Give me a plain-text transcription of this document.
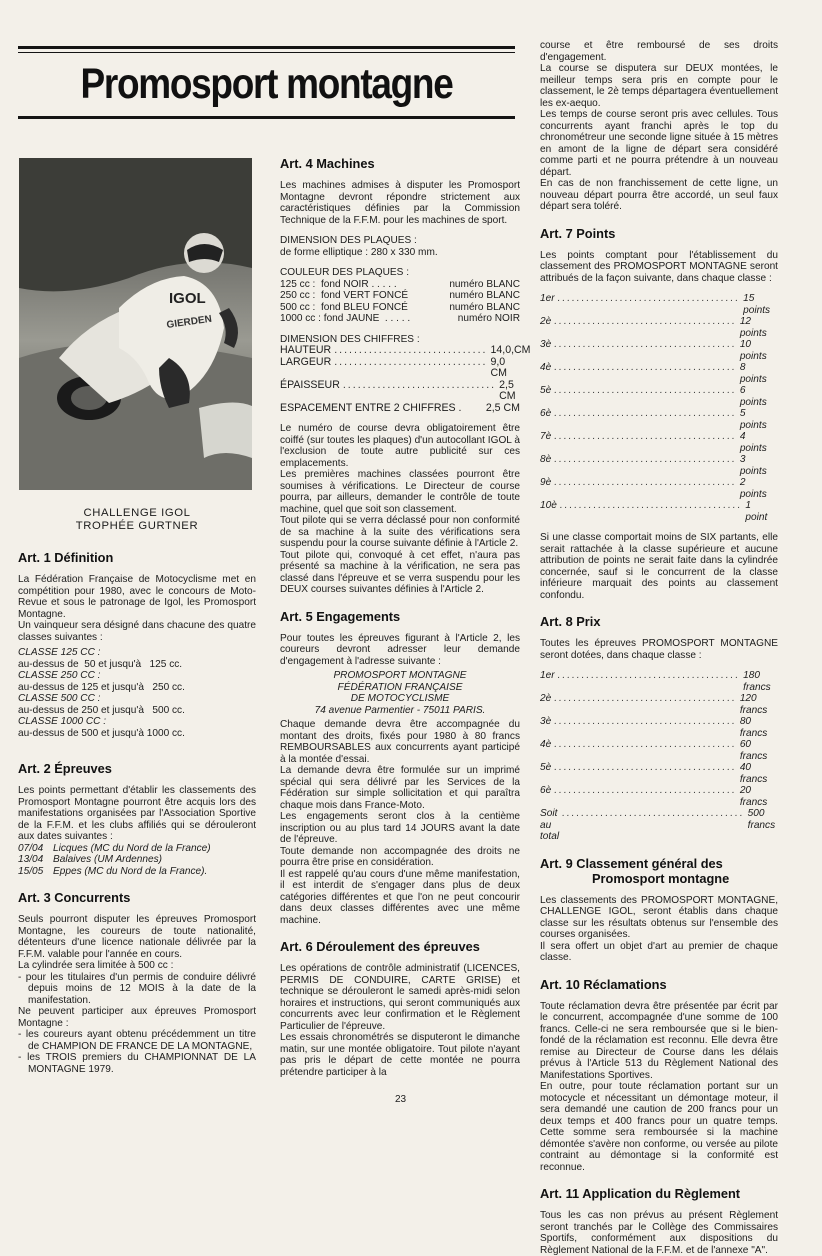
Promosport montagne
IGOL
GIERDEN
CHALLENGE IGOL
TROPHÉE GURTNER
Art. 1 Définition

La Fédération Française de Motocyclisme met en compétition pour 1980, avec le concours de Moto-Revue et sous le patronage de Igol, les Promosport Montagne.

Un vainqueur sera désigné dans chacune des quatre classes suivantes :

CLASSE 125 CC :
au-dessus de  50 et jusqu'à   125 cc.
CLASSE 250 CC :
au-dessus de 125 et jusqu'à   250 cc.
CLASSE 500 CC :
au-dessus de 250 et jusqu'à   500 cc.
CLASSE 1000 CC :
au-dessus de 500 et jusqu'à 1000 cc.
Art. 2 Épreuves

Les points permettant d'établir les classements des Promosport Montagne pourront être acquis lors des manifestations organisées par l'Association Sportive de la F.F.M. et les clubs affiliés qui se dérouleront aux dates suivantes :

07/04 Licques (MC du Nord de la France)
13/04 Balaives (UM Ardennes)
15/05 Eppes (MC du Nord de la France).
Art. 3 Concurrents

Seuls pourront disputer les épreuves Promosport Montagne, les coureurs de toute nationalité, détenteurs d'une licence nationale délivrée par la F.F.M. valable pour l'année en cours.

La cylindrée sera limitée à 500 cc :

- pour les titulaires d'un permis de conduire délivré depuis moins de 12 MOIS à la date de la manifestation.

Ne peuvent participer aux épreuves Promosport Montagne :

- les coureurs ayant obtenu précédemment un titre de CHAMPION DE FRANCE DE LA MONTAGNE,

- les TROIS premiers du CHAMPIONNAT DE LA MONTAGNE 1979.

Art. 4 Machines

Les machines admises à disputer les Promosport Montagne devront répondre strictement aux caractéristiques définies par la Commission Technique de la F.F.M. pour les machines de sport.

DIMENSION DES PLAQUES :
de forme elliptique : 280 x 330 mm.
COULEUR DES PLAQUES :
125 cc :  fond NOIR . . . . .	numéro BLANC
250 cc :  fond VERT FONCÉ	numéro BLANC
500 cc :  fond BLEU FONCÉ	numéro BLANC
1000 cc : fond JAUNE  . . . . .	numéro NOIR
DIMENSION DES CHIFFRES :
HAUTEUR ............................... 14,0,CM
LARGEUR ............................... 9,0 CM
ÉPAISSEUR ............................... 2,5 CM
ESPACEMENT ENTRE 2 CHIFFRES . 2,5 CM

Le numéro de course devra obligatoirement être coiffé (sur toutes les plaques) d'un autocollant IGOL à l'exclusion de toute autre publicité sur ces emplacements.

Les premières machines classées pourront être soumises à vérifications. Le Directeur de course pourra, par ailleurs, demander le contrôle de toute machine, quel que soit son classement.

Tout pilote qui se verra déclassé pour non conformité de sa machine à la suite des vérifications sera suspendu pour la course suivante définie à l'Article 2.

Tout pilote qui, convoqué à cet effet, n'aura pas présenté sa machine à la vérification, ne sera pas classé dans l'épreuve et se verra suspendu pour les DEUX courses suivantes définies à l'Article 2.

Art. 5 Engagements

Pour toutes les épreuves figurant à l'Article 2, les coureurs devront adresser leur demande d'engagement à l'adresse suivante :

PROMOSPORT MONTAGNE
FÉDÉRATION FRANÇAISE
DE MOTOCYCLISME
74 avenue Parmentier - 75011 PARIS.

Chaque demande devra être accompagnée du montant des droits, fixés pour 1980 à 80 francs REMBOURSABLES aux concurrents ayant participé à la montée d'essai.

La demande devra être formulée sur un imprimé spécial qui sera délivré par les Services de la Fédération sur simple sollicitation et qui paraîtra chaque mois dans France-Moto.

Les engagements seront clos à la centième inscription ou au plus tard 14 JOURS avant la date de l'épreuve.

Toute demande non accompagnée des droits ne pourra être prise en considération.

Il est rappelé qu'au cours d'une même manifestation, il est interdit de s'engager dans plus de deux catégories différentes et que l'on ne peut concourir dans deux classes différentes avec une même machine.

Art. 6 Déroulement des épreuves

Les opérations de contrôle administratif (LICENCES, PERMIS DE CONDUIRE, CARTE GRISE) et technique se dérouleront le samedi après-midi selon horaires et instructions, qui seront communiqués aux concurrents avec leur confirmation et le Règlement Particulier de l'épreuve.

Les essais chronométrés se disputeront le dimanche matin, sur une montée obligatoire. Tout pilote n'ayant pas pris le départ de cette montée ne pourra prétendre participer à la

course et être remboursé de ses droits d'engagement.

La course se disputera sur DEUX montées, le meilleur temps sera pris en compte pour le classement, le 2è temps départagera éventuellement les ex-aequo.

Les temps de course seront pris avec cellules. Tous concurrents ayant franchi après le top du chronométreur une seconde ligne située à 15 mètres en amont de la ligne de départ sera considéré comme parti et ne pourra prétendre à un nouveau départ.

En cas de non franchissement de cette ligne, un nouveau départ pourra être accordé, un seul faux départ sera toléré.

Art. 7 Points

Les points comptant pour l'établissement du classement des PROMOSPORT MONTAGNE seront attribués de la façon suivante, dans chaque classe :

1er ...................................... 15 points
2è ...................................... 12 points
3è ...................................... 10 points
4è ...................................... 8 points
5è ...................................... 6 points
6è ...................................... 5 points
7è ...................................... 4 points
8è ...................................... 3 points
9è ...................................... 2 points
10è ...................................... 1 point

Si une classe comportait moins de SIX partants, elle serait rattachée à la classe supérieure et aucune attribution de points ne serait faite dans la cylindrée concernée, sauf si le concurrent de la classe inférieure marquait des points au classement confondu.

Art. 8 Prix

Toutes les épreuves PROMOSPORT MONTAGNE seront dotées, dans chaque classe :

1er ...................................... 180 francs
2è ...................................... 120 francs
3è ...................................... 80 francs
4è ...................................... 60 francs
5è ...................................... 40 francs
6è ...................................... 20 francs
Soit au total
...................................... 500 francs
Art. 9 Classement général des
Promosport montagne

Les classements des PROMOSPORT MONTAGNE, CHALLENGE IGOL, seront établis dans chaque classe sur les résultats obtenus sur l'ensemble des courses organisées.

Il sera offert un objet d'art au premier de chaque classe.

Art. 10 Réclamations

Toute réclamation devra être présentée par écrit par le concurrent, accompagnée d'une somme de 100 francs. Celle-ci ne sera remboursée que si le bien-fondé de la réclamation est reconnu. Elle devra être remise au Directeur de Course dans les délais prévus à l'Article 513 du Règlement National des Manifestations Sportives.

En outre, pour toute réclamation portant sur un motocycle et nécessitant un démontage moteur, il sera demandé une caution de 200 francs pour un deux temps et 400 francs pour un quatre temps. Cette somme sera remboursée si la machine démontée s'avère non conforme, ou versée au pilote contraint au démontage si la conformité est reconnue.

Art. 11 Application du Règlement

Tous les cas non prévus au présent Règlement seront tranchés par le Collège des Commissaires Sportifs, conformément aux dispositions du Règlement National de la F.F.M. et de l'annexe "A".

23
